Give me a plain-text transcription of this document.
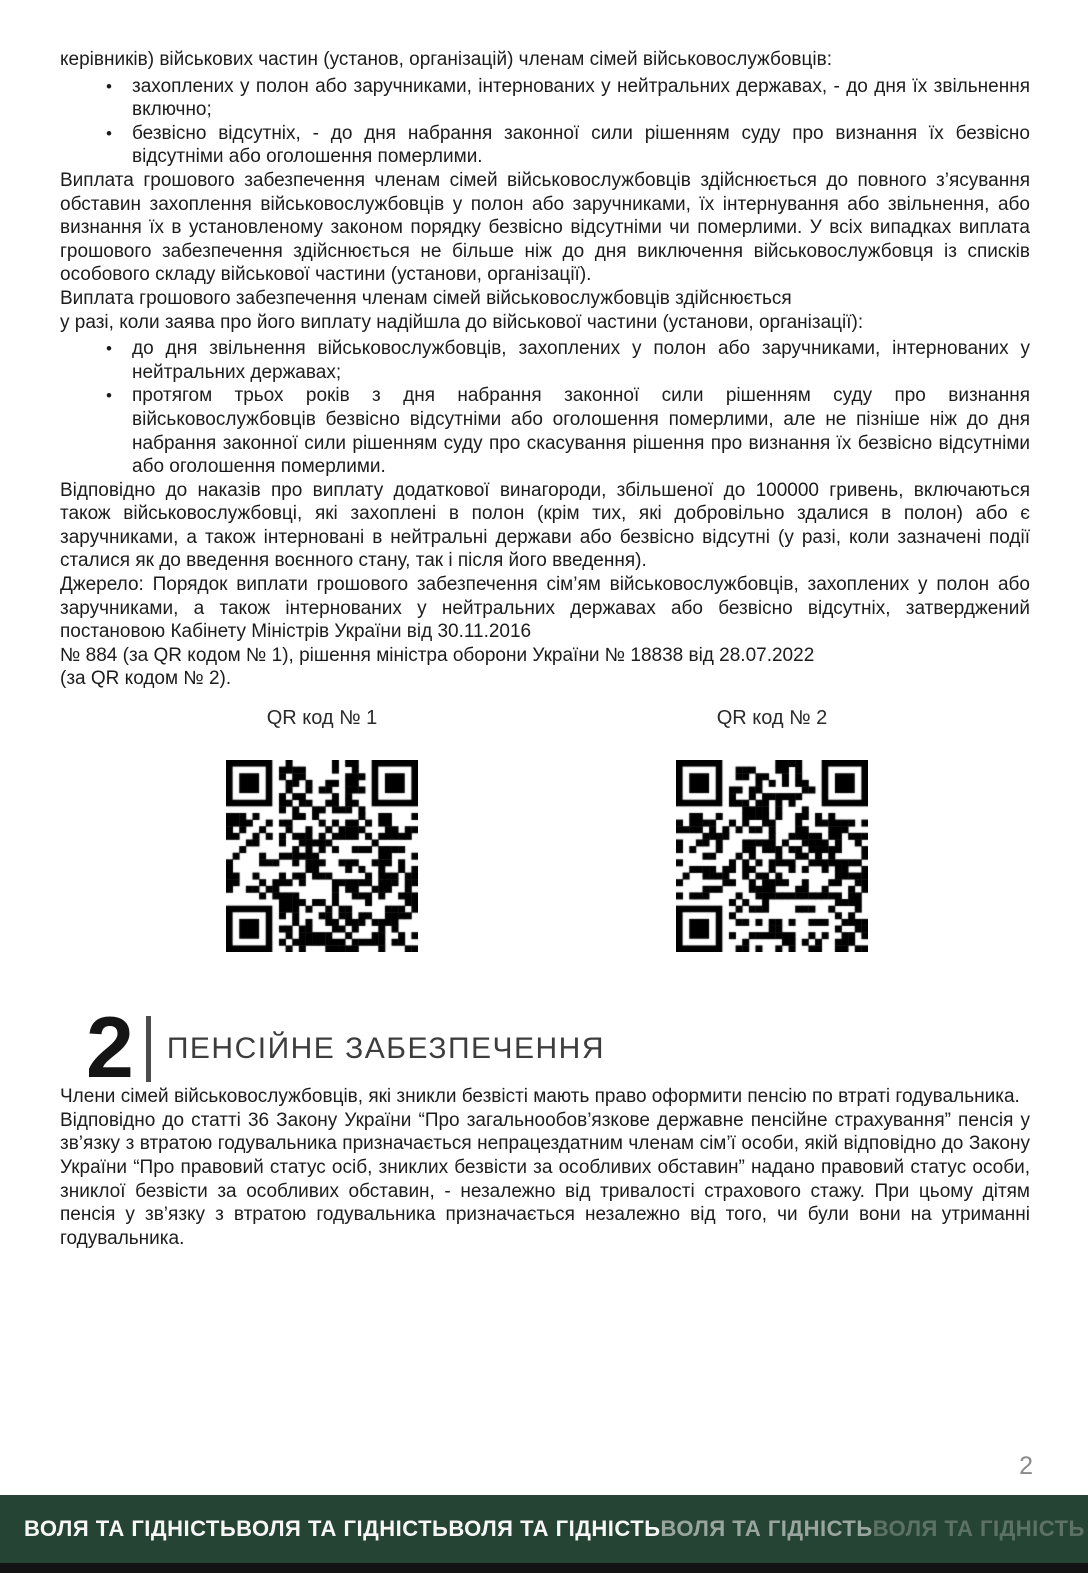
керівників) військових частин (установ, організацій) членам сімей військовослужбовців:

• захоплених у полон або заручниками, інтернованих у нейтральних державах, - до дня їх звільнення включно;
• безвісно відсутніх, - до дня набрання законної сили рішенням суду про визнання їх безвісно відсутніми або оголошення померлими.

Виплата грошового забезпечення членам сімей військовослужбовців здійснюється до повного з’ясування обставин захоплення військовослужбовців у полон або заручниками, їх інтернування або звільнення, або визнання їх в установленому законом порядку безвісно відсутніми чи померлими. У всіх випадках виплата грошового забезпечення здійснюється не більше ніж до дня виключення військовослужбовця із списків особового складу військової частини (установи, організації).
Виплата грошового забезпечення членам сімей військовослужбовців здійснюється
у разі, коли заява про його виплату надійшла до військової частини (установи, організації):

• до дня звільнення військовослужбовців, захоплених у полон або заручниками, інтернованих у нейтральних державах;
• протягом трьох років з дня набрання законної сили рішенням суду про визнання військовослужбовців безвісно відсутніми або оголошення померлими, але не пізніше ніж до дня набрання законної сили рішенням суду про скасування рішення про визнання їх безвісно відсутніми або оголошення померлими.

Відповідно до наказів про виплату додаткової винагороди, збільшеної до 100000 гривень, включаються також військовослужбовці, які захоплені в полон (крім тих, які добровільно здалися в полон) або є заручниками, а також інтерновані в нейтральні держави або безвісно відсутні (у разі, коли зазначені події сталися як до введення воєнного стану, так і після його введення).

Джерело: Порядок виплати грошового забезпечення сім’ям військовослужбовців, захоплених у полон або заручниками, а також інтернованих у нейтральних державах або безвісно відсутніх, затверджений постановою Кабінету Міністрів України від 30.11.2016
№ 884 (за QR кодом № 1), рішення міністра оборони України № 18838 від 28.07.2022
(за QR кодом № 2).

QR код № 1	QR код № 2
2 ПЕНСІЙНЕ ЗАБЕЗПЕЧЕННЯ

Члени сімей військовослужбовців, які зникли безвісті мають право оформити пенсію по втраті годувальника.

Відповідно до статті 36 Закону України “Про загальнообов’язкове державне пенсійне страхування” пенсія у зв’язку з втратою годувальника призначається непрацездатним членам сім’ї особи, якій відповідно до Закону України “Про правовий статус осіб, зниклих безвісти за особливих обставин” надано правовий статус особи, зниклої безвісти за особливих обставин, - незалежно від тривалості страхового стажу. При цьому дітям пенсія у зв’язку з втратою годувальника призначається незалежно від того, чи були вони на утриманні годувальника.

2
ВОЛЯ ТА ГІДНІСТЬ ВОЛЯ ТА ГІДНІСТЬ ВОЛЯ ТА ГІДНІСТЬ ВОЛЯ ТА ГІДНІСТЬ ВОЛЯ ТА ГІДНІСТЬ
